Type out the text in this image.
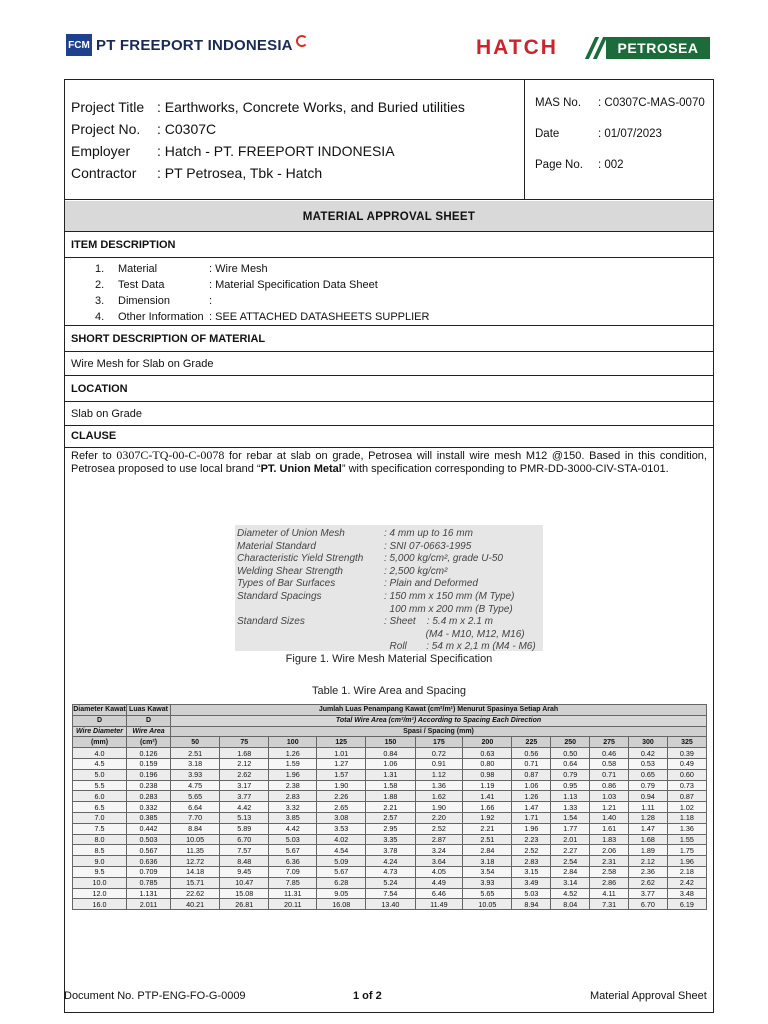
FCM PT FREEPORT INDONESIA	HATCH	PETROSEA
Project Title : Earthworks, Concrete Works, and Buried utilities
Project No.	: C0307C
Employer	: Hatch - PT. FREEPORT INDONESIA
Contractor	: PT Petrosea, Tbk - Hatch
MAS No.	: C0307C-MAS-0070
Date	: 01/07/2023
Page No.	: 002
MATERIAL APPROVAL SHEET
ITEM DESCRIPTION
1.	Material	: Wire Mesh
2.	Test Data	: Material Specification Data Sheet
3.	Dimension	:
4.	Other Information : SEE ATTACHED DATASHEETS SUPPLIER
SHORT DESCRIPTION OF MATERIAL
Wire Mesh for Slab on Grade
LOCATION
Slab on Grade
CLAUSE
Refer to 0307C-TQ-00-C-0078 for rebar at slab on grade, Petrosea will install wire mesh M12 @150. Based in this condition, Petrosea proposed to use local brand “PT. Union Metal” with specification corresponding to PMR-DD-3000-CIV-STA-0101.
Diameter of Union Mesh	: 4 mm up to 16 mm
Material Standard	: SNI 07-0663-1995
Characteristic Yield Strength	: 5,000 kg/cm², grade U-50
Welding Shear Strength	: 2,500 kg/cm²
Types of Bar Surfaces	: Plain and Deformed
Standard Spacings	: 150 mm x 150 mm (M Type)
100 mm x 200 mm (B Type)
Standard Sizes	: Sheet    : 5.4 m x 2.1 m
(M4 - M10, M12, M16)
Roll       : 54 m x 2,1 m (M4 - M6)
Figure 1. Wire Mesh Material Specification
Table 1. Wire Area and Spacing
Diameter Kawat	Luas Kawat	Jumlah Luas Penampang Kawat (cm²/m¹) Menurut Spasinya Setiap Arah											
D	D	Total Wire Area (cm²/m¹) According to Spacing Each Direction											
Wire Diameter	Wire Area	Spasi / Spacing (mm)											
(mm)	(cm²)	50	75	100	125	150	175	200	225	250	275	300	325
4.0	0.126	2.51	1.68	1.26	1.01	0.84	0.72	0.63	0.56	0.50	0.46	0.42	0.39
4.5	0.159	3.18	2.12	1.59	1.27	1.06	0.91	0.80	0.71	0.64	0.58	0.53	0.49
5.0	0.196	3.93	2.62	1.96	1.57	1.31	1.12	0.98	0.87	0.79	0.71	0.65	0.60
5.5	0.238	4.75	3.17	2.38	1.90	1.58	1.36	1.19	1.06	0.95	0.86	0.79	0.73
6.0	0.283	5.65	3.77	2.83	2.26	1.88	1.62	1.41	1.26	1.13	1.03	0.94	0.87
6.5	0.332	6.64	4.42	3.32	2.65	2.21	1.90	1.66	1.47	1.33	1.21	1.11	1.02
7.0	0.385	7.70	5.13	3.85	3.08	2.57	2.20	1.92	1.71	1.54	1.40	1.28	1.18
7.5	0.442	8.84	5.89	4.42	3.53	2.95	2.52	2.21	1.96	1.77	1.61	1.47	1.36
8.0	0.503	10.05	6.70	5.03	4.02	3.35	2.87	2.51	2.23	2.01	1.83	1.68	1.55
8.5	0.567	11.35	7.57	5.67	4.54	3.78	3.24	2.84	2.52	2.27	2.06	1.89	1.75
9.0	0.636	12.72	8.48	6.36	5.09	4.24	3.64	3.18	2.83	2.54	2.31	2.12	1.96
9.5	0.709	14.18	9.45	7.09	5.67	4.73	4.05	3.54	3.15	2.84	2.58	2.36	2.18
10.0	0.785	15.71	10.47	7.85	6.28	5.24	4.49	3.93	3.49	3.14	2.86	2.62	2.42
12.0	1.131	22.62	15.08	11.31	9.05	7.54	6.46	5.65	5.03	4.52	4.11	3.77	3.48
16.0	2.011	40.21	26.81	20.11	16.08	13.40	11.49	10.05	8.94	8.04	7.31	6.70	6.19
Document No. PTP-ENG-FO-G-0009	1 of 2	Material Approval Sheet
